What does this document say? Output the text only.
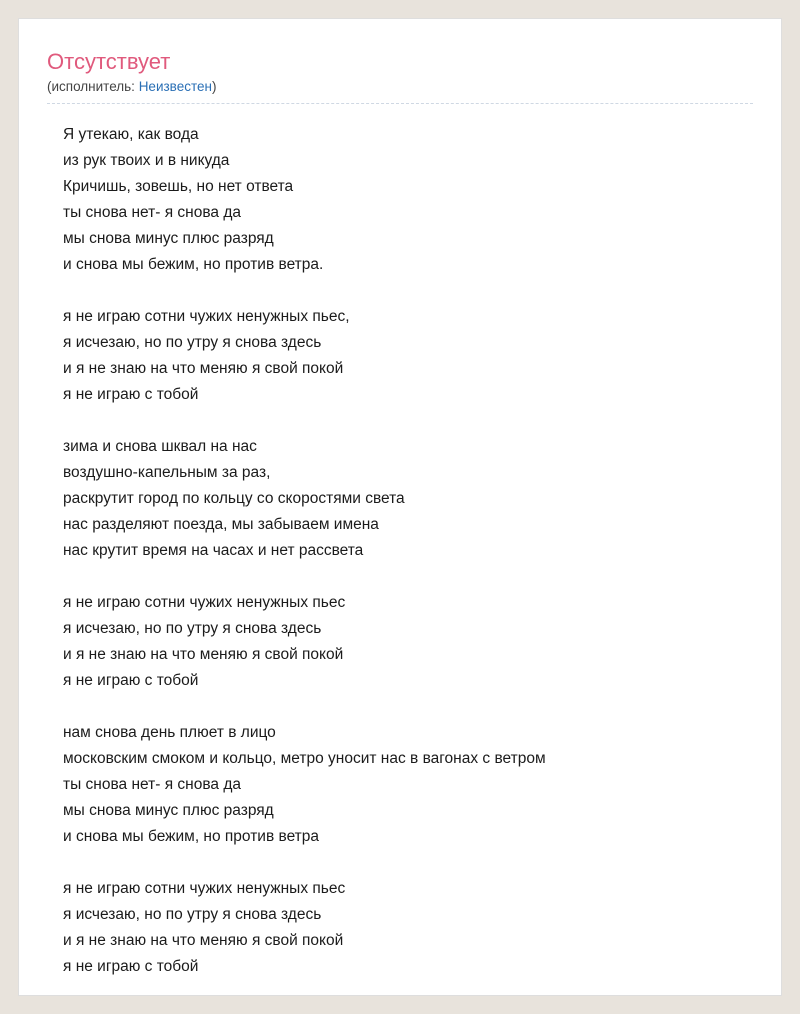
Отсутствует
(исполнитель: Неизвестен)
Я утекаю, как вода
из рук твоих и в никуда
Кричишь, зовешь, но нет ответа
ты снова нет- я снова да
мы снова минус плюс разряд
и снова мы бежим, но против ветра.
я не играю сотни чужих ненужных пьес,
я исчезаю, но по утру я снова здесь
и я не знаю на что меняю я свой покой
я не играю с тобой
зима и снова шквал на нас
воздушно-капельным за раз,
раскрутит город по кольцу со скоростями света
нас разделяют поезда, мы забываем имена
нас крутит время на часах и нет рассвета
я не играю сотни чужих ненужных пьес
я исчезаю, но по утру я снова здесь
и я не знаю на что меняю я свой покой
я не играю с тобой
нам снова день плюет в лицо
московским смоком и кольцо, метро уносит нас в вагонах с ветром
ты снова нет- я снова да
мы снова минус плюс разряд
и снова мы бежим, но против ветра
я не играю сотни чужих ненужных пьес
я исчезаю, но по утру я снова здесь
и я не знаю на что меняю я свой покой
я не играю с тобой
